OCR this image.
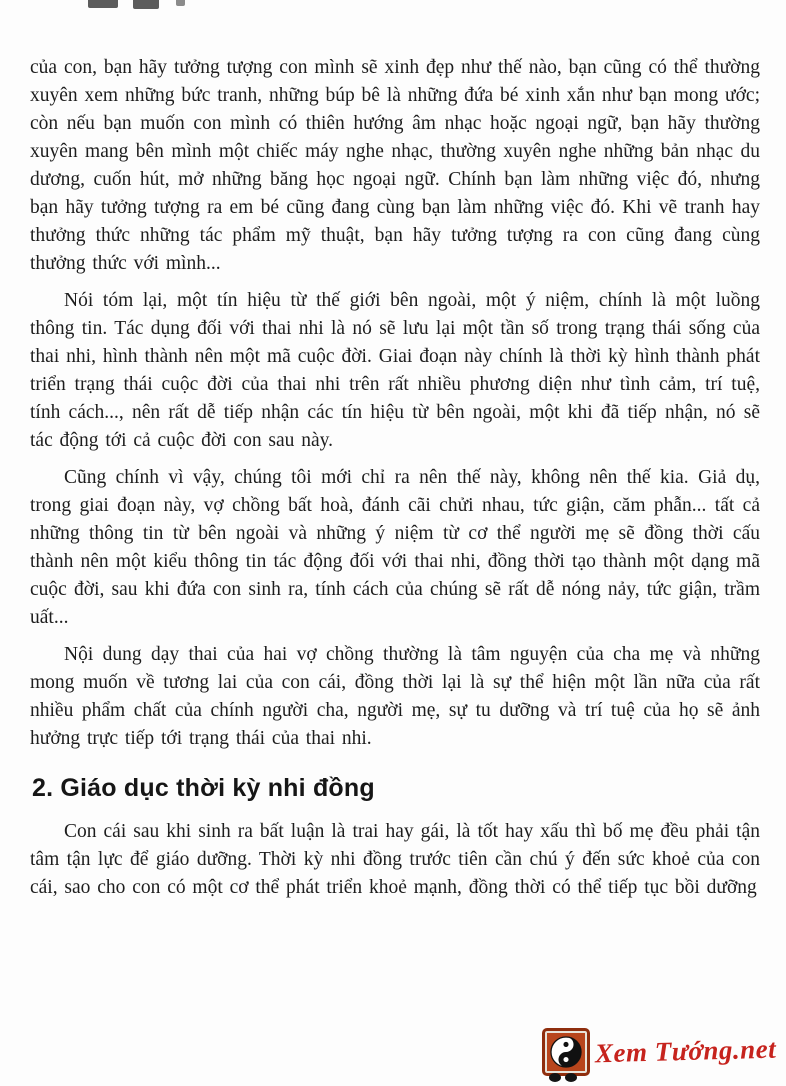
của con, bạn hãy tưởng tượng con mình sẽ xinh đẹp như thế nào, bạn cũng có thể thường xuyên xem những bức tranh, những búp bê là những đứa bé xinh xắn như bạn mong ước; còn nếu bạn muốn con mình có thiên hướng âm nhạc hoặc ngoại ngữ, bạn hãy thường xuyên mang bên mình một chiếc máy nghe nhạc, thường xuyên nghe những bản nhạc du dương, cuốn hút, mở những băng học ngoại ngữ. Chính bạn làm những việc đó, nhưng bạn hãy tưởng tượng ra em bé cũng đang cùng bạn làm những việc đó. Khi vẽ tranh hay thưởng thức những tác phẩm mỹ thuật, bạn hãy tưởng tượng ra con cũng đang cùng thưởng thức với mình...

Nói tóm lại, một tín hiệu từ thế giới bên ngoài, một ý niệm, chính là một luồng thông tin. Tác dụng đối với thai nhi là nó sẽ lưu lại một tần số trong trạng thái sống của thai nhi, hình thành nên một mã cuộc đời. Giai đoạn này chính là thời kỳ hình thành phát triển trạng thái cuộc đời của thai nhi trên rất nhiều phương diện như tình cảm, trí tuệ, tính cách..., nên rất dễ tiếp nhận các tín hiệu từ bên ngoài, một khi đã tiếp nhận, nó sẽ tác động tới cả cuộc đời con sau này.

Cũng chính vì vậy, chúng tôi mới chỉ ra nên thế này, không nên thế kia. Giả dụ, trong giai đoạn này, vợ chồng bất hoà, đánh cãi chửi nhau, tức giận, căm phẫn... tất cả những thông tin từ bên ngoài và những ý niệm từ cơ thể người mẹ sẽ đồng thời cấu thành nên một kiểu thông tin tác động đối với thai nhi, đồng thời tạo thành một dạng mã cuộc đời, sau khi đứa con sinh ra, tính cách của chúng sẽ rất dễ nóng nảy, tức giận, trầm uất...

Nội dung dạy thai của hai vợ chồng thường là tâm nguyện của cha mẹ và những mong muốn về tương lai của con cái, đồng thời lại là sự thể hiện một lần nữa của rất nhiều phẩm chất của chính người cha, người mẹ, sự tu dưỡng và trí tuệ của họ sẽ ảnh hưởng trực tiếp tới trạng thái của thai nhi.

2. Giáo dục thời kỳ nhi đồng

Con cái sau khi sinh ra bất luận là trai hay gái, là tốt hay xấu thì bố mẹ đều phải tận tâm tận lực để giáo dưỡng. Thời kỳ nhi đồng trước tiên cần chú ý đến sức khoẻ của con cái, sao cho con có một cơ thể phát triển khoẻ mạnh, đồng thời có thể tiếp tục bồi dưỡng

Xem Tướng.net
